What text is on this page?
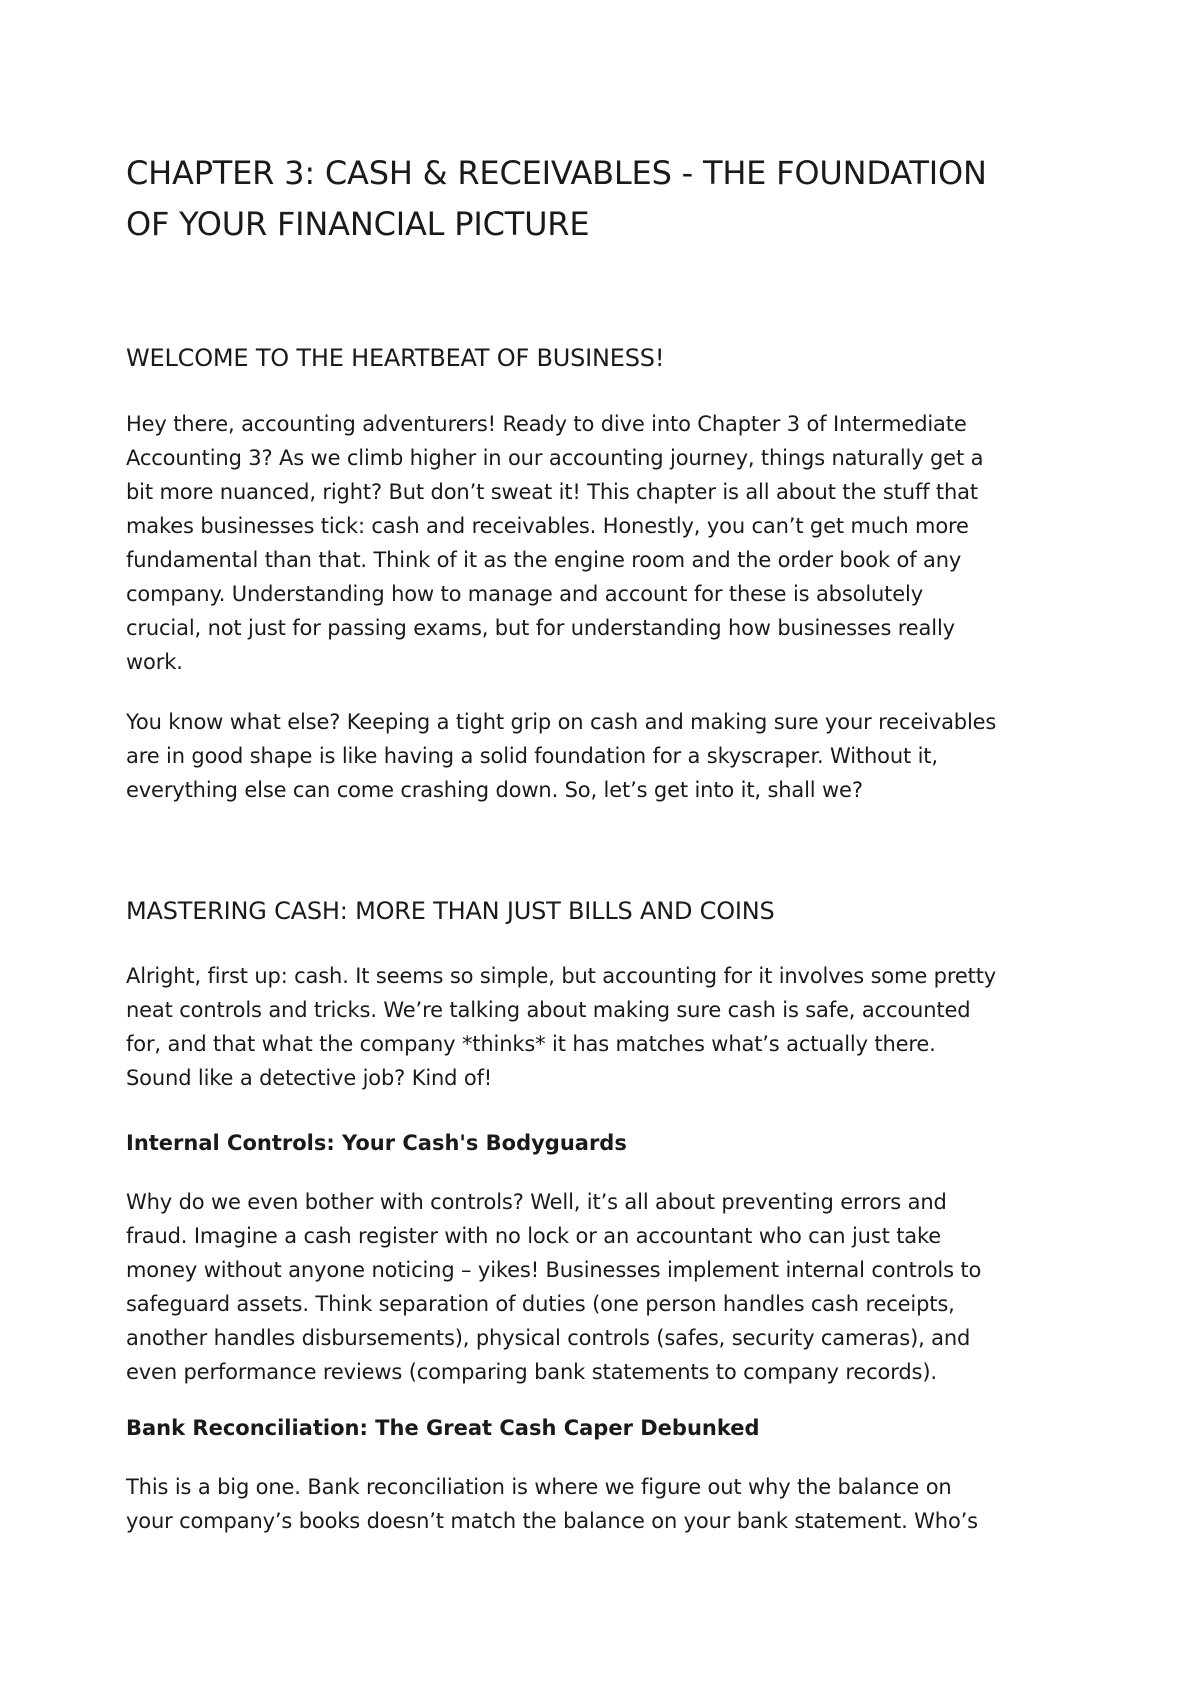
CHAPTER 3: CASH & RECEIVABLES - THE FOUNDATION
OF YOUR FINANCIAL PICTURE
WELCOME TO THE HEARTBEAT OF BUSINESS!

Hey there, accounting adventurers! Ready to dive into Chapter 3 of Intermediate
Accounting 3? As we climb higher in our accounting journey, things naturally get a
bit more nuanced, right? But don’t sweat it! This chapter is all about the stuff that
makes businesses tick: cash and receivables. Honestly, you can’t get much more
fundamental than that. Think of it as the engine room and the order book of any
company. Understanding how to manage and account for these is absolutely
crucial, not just for passing exams, but for understanding how businesses really
work.

You know what else? Keeping a tight grip on cash and making sure your receivables
are in good shape is like having a solid foundation for a skyscraper. Without it,
everything else can come crashing down. So, let’s get into it, shall we?

MASTERING CASH: MORE THAN JUST BILLS AND COINS

Alright, first up: cash. It seems so simple, but accounting for it involves some pretty
neat controls and tricks. We’re talking about making sure cash is safe, accounted
for, and that what the company *thinks* it has matches what’s actually there.
Sound like a detective job? Kind of!

Internal Controls: Your Cash's Bodyguards

Why do we even bother with controls? Well, it’s all about preventing errors and
fraud. Imagine a cash register with no lock or an accountant who can just take
money without anyone noticing – yikes! Businesses implement internal controls to
safeguard assets. Think separation of duties (one person handles cash receipts,
another handles disbursements), physical controls (safes, security cameras), and
even performance reviews (comparing bank statements to company records).

Bank Reconciliation: The Great Cash Caper Debunked

This is a big one. Bank reconciliation is where we figure out why the balance on
your company’s books doesn’t match the balance on your bank statement. Who’s
